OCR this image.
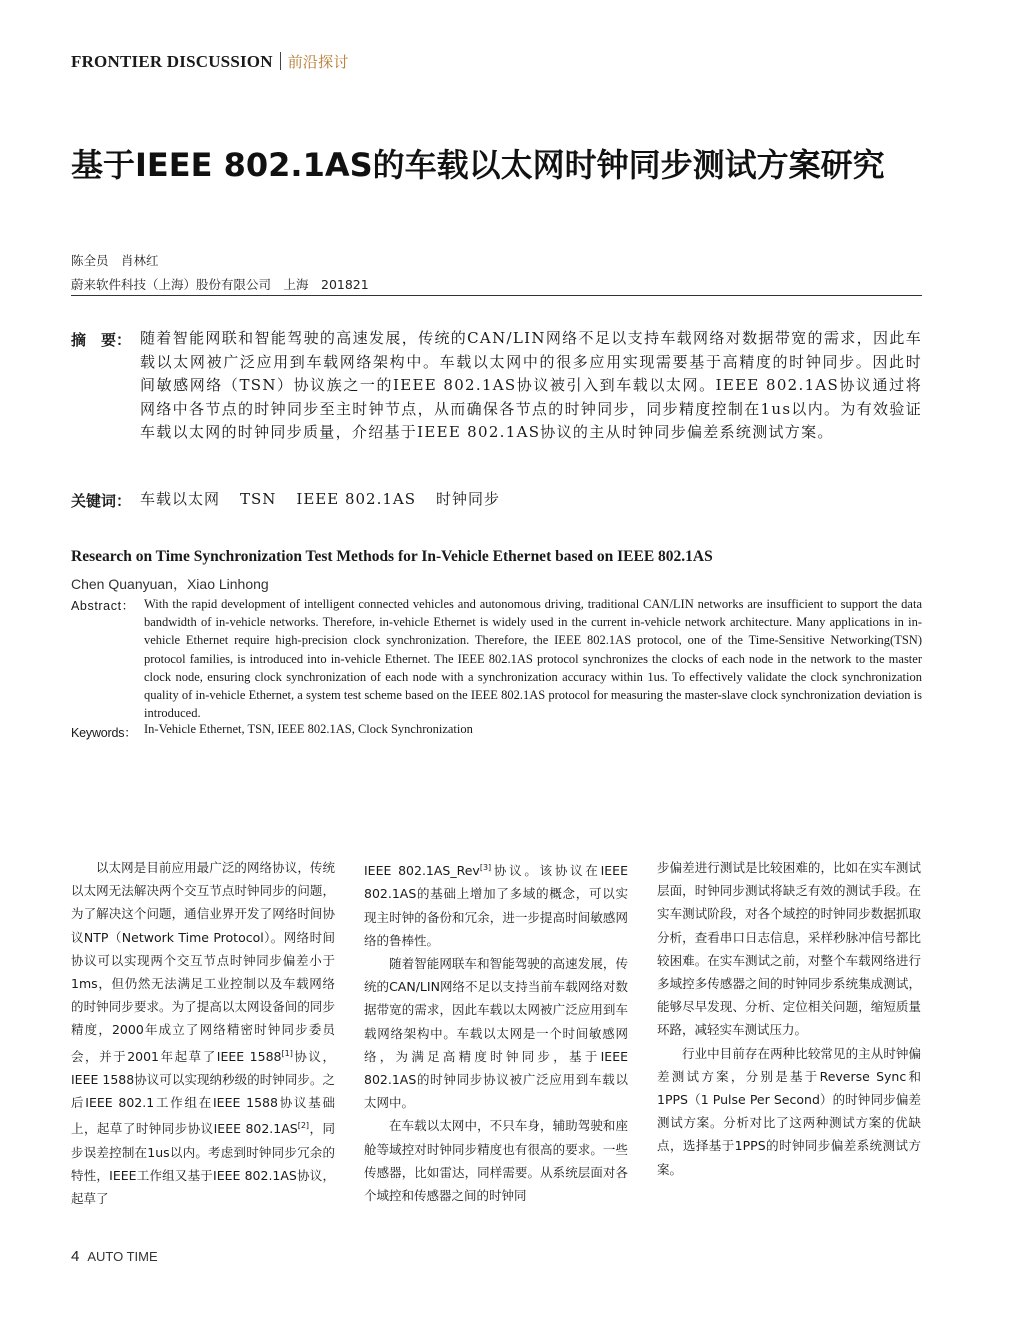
FRONTIER DISCUSSION 前沿探讨
基于IEEE 802.1AS的车载以太网时钟同步测试方案研究
陈全员　肖林红
蔚来软件科技（上海）股份有限公司　上海　201821
摘　要： 随着智能网联和智能驾驶的高速发展，传统的CAN/LIN网络不足以支持车载网络对数据带宽的需求，因此车载以太网被广泛应用到车载网络架构中。车载以太网中的很多应用实现需要基于高精度的时钟同步。因此时间敏感网络（TSN）协议族之一的IEEE 802.1AS协议被引入到车载以太网。IEEE 802.1AS协议通过将网络中各节点的时钟同步至主时钟节点，从而确保各节点的时钟同步，同步精度控制在1us以内。为有效验证车载以太网的时钟同步质量，介绍基于IEEE 802.1AS协议的主从时钟同步偏差系统测试方案。
关键词： 车载以太网 TSN IEEE 802.1AS 时钟同步
Research on Time Synchronization Test Methods for In-Vehicle Ethernet based on IEEE 802.1AS
Chen Quanyuan，Xiao Linhong
Abstract： With the rapid development of intelligent connected vehicles and autonomous driving, traditional CAN/LIN networks are insufficient to support the data bandwidth of in-vehicle networks. Therefore, in-vehicle Ethernet is widely used in the current in-vehicle network architecture. Many applications in in-vehicle Ethernet require high-precision clock synchronization. Therefore, the IEEE 802.1AS protocol, one of the Time-Sensitive Networking(TSN) protocol families, is introduced into in-vehicle Ethernet. The IEEE 802.1AS protocol synchronizes the clocks of each node in the network to the master clock node, ensuring clock synchronization of each node with a synchronization accuracy within 1us. To effectively validate the clock synchronization quality of in-vehicle Ethernet, a system test scheme based on the IEEE 802.1AS protocol for measuring the master-slave clock synchronization deviation is introduced.
Keywords： In-Vehicle Ethernet, TSN, IEEE 802.1AS, Clock Synchronization

以太网是目前应用最广泛的网络协议，传统以太网无法解决两个交互节点时钟同步的问题，为了解决这个问题，通信业界开发了网络时间协议NTP（Network Time Protocol）。网络时间协议可以实现两个交互节点时钟同步偏差小于1ms，但仍然无法满足工业控制以及车载网络的时钟同步要求。为了提高以太网设备间的同步精度，2000年成立了网络精密时钟同步委员会，并于2001年起草了IEEE 1588[1]协议，IEEE 1588协议可以实现纳秒级的时钟同步。之后IEEE 802.1工作组在IEEE 1588协议基础上，起草了时钟同步协议IEEE 802.1AS[2]，同步误差控制在1us以内。考虑到时钟同步冗余的特性，IEEE工作组又基于IEEE 802.1AS协议，起草了

IEEE 802.1AS_Rev[3]协议。该协议在IEEE 802.1AS的基础上增加了多域的概念，可以实现主时钟的备份和冗余，进一步提高时间敏感网络的鲁棒性。

随着智能网联车和智能驾驶的高速发展，传统的CAN/LIN网络不足以支持当前车载网络对数据带宽的需求，因此车载以太网被广泛应用到车载网络架构中。车载以太网是一个时间敏感网络，为满足高精度时钟同步，基于IEEE 802.1AS的时钟同步协议被广泛应用到车载以太网中。

在车载以太网中，不只车身，辅助驾驶和座舱等域控对时钟同步精度也有很高的要求。一些传感器，比如雷达，同样需要。从系统层面对各个域控和传感器之间的时钟同

步偏差进行测试是比较困难的，比如在实车测试层面，时钟同步测试将缺乏有效的测试手段。在实车测试阶段，对各个域控的时钟同步数据抓取分析，查看串口日志信息，采样秒脉冲信号都比较困难。在实车测试之前，对整个车载网络进行多域控多传感器之间的时钟同步系统集成测试，能够尽早发现、分析、定位相关问题，缩短质量环路，减轻实车测试压力。

行业中目前存在两种比较常见的主从时钟偏差测试方案，分别是基于Reverse Sync和1PPS（1 Pulse Per Second）的时钟同步偏差测试方案。分析对比了这两种测试方案的优缺点，选择基于1PPS的时钟同步偏差系统测试方案。

4 AUTO TIME
